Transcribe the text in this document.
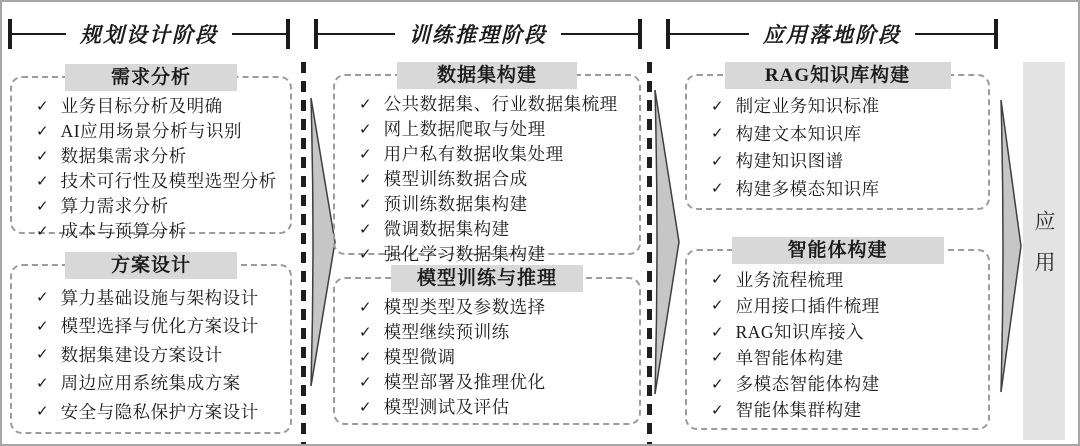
规划设计阶段	训练推理阶段	应用落地阶段
需求分析
✓ 业务目标分析及明确
✓ AI应用场景分析与识别
✓ 数据集需求分析
✓ 技术可行性及模型选型分析
✓ 算力需求分析
✓ 成本与预算分析
方案设计
✓ 算力基础设施与架构设计
✓ 模型选择与优化方案设计
✓ 数据集建设方案设计
✓ 周边应用系统集成方案
✓ 安全与隐私保护方案设计
数据集构建
✓ 公共数据集、行业数据集梳理
✓ 网上数据爬取与处理
✓ 用户私有数据收集处理
✓ 模型训练数据合成
✓ 预训练数据集构建
✓ 微调数据集构建
✓ 强化学习数据集构建
模型训练与推理
✓ 模型类型及参数选择
✓ 模型继续预训练
✓ 模型微调
✓ 模型部署及推理优化
✓ 模型测试及评估
RAG知识库构建
✓ 制定业务知识标准
✓ 构建文本知识库
✓ 构建知识图谱
✓ 构建多模态知识库
智能体构建
✓ 业务流程梳理
✓ 应用接口插件梳理
✓ RAG知识库接入
✓ 单智能体构建
✓ 多模态智能体构建
✓ 智能体集群构建
应用
